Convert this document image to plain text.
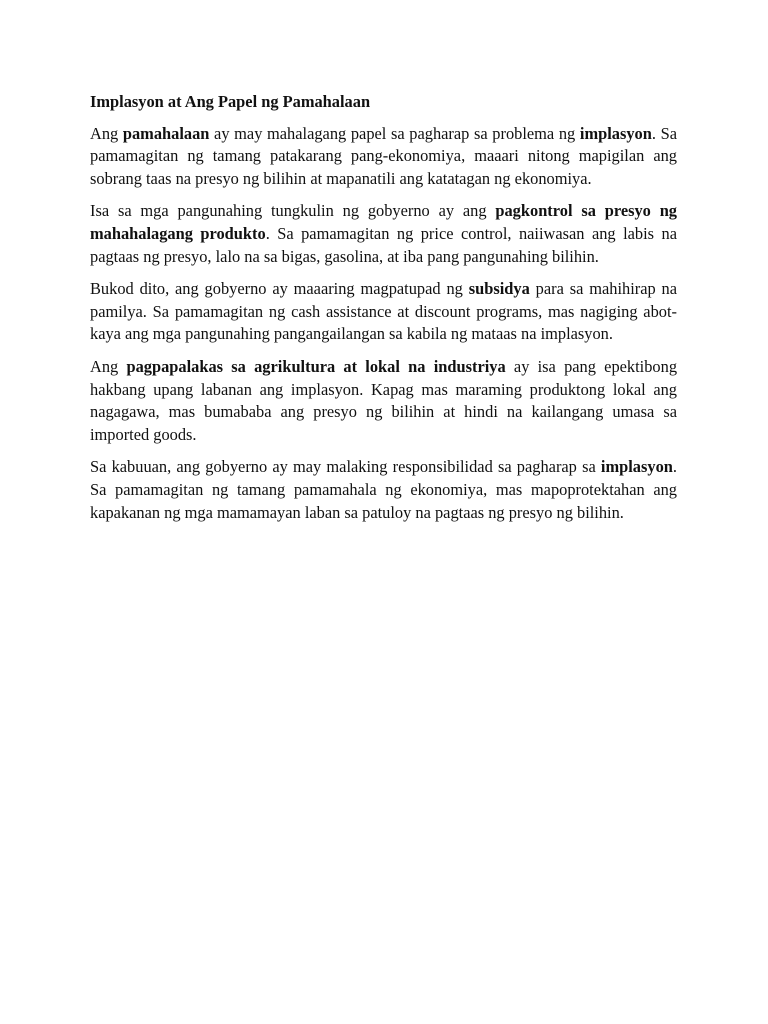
Implasyon at Ang Papel ng Pamahalaan

Ang pamahalaan ay may mahalagang papel sa pagharap sa problema ng implasyon. Sa pamamagitan ng tamang patakarang pang-ekonomiya, maaari nitong mapigilan ang sobrang taas na presyo ng bilihin at mapanatili ang katatagan ng ekonomiya.

Isa sa mga pangunahing tungkulin ng gobyerno ay ang pagkontrol sa presyo ng mahahalagang produkto. Sa pamamagitan ng price control, naiiwasan ang labis na pagtaas ng presyo, lalo na sa bigas, gasolina, at iba pang pangunahing bilihin.

Bukod dito, ang gobyerno ay maaaring magpatupad ng subsidya para sa mahihirap na pamilya. Sa pamamagitan ng cash assistance at discount programs, mas nagiging abot-kaya ang mga pangunahing pangangailangan sa kabila ng mataas na implasyon.

Ang pagpapalakas sa agrikultura at lokal na industriya ay isa pang epektibong hakbang upang labanan ang implasyon. Kapag mas maraming produktong lokal ang nagagawa, mas bumababa ang presyo ng bilihin at hindi na kailangang umasa sa imported goods.

Sa kabuuan, ang gobyerno ay may malaking responsibilidad sa pagharap sa implasyon. Sa pamamagitan ng tamang pamamahala ng ekonomiya, mas mapoprotektahan ang kapakanan ng mga mamamayan laban sa patuloy na pagtaas ng presyo ng bilihin.
